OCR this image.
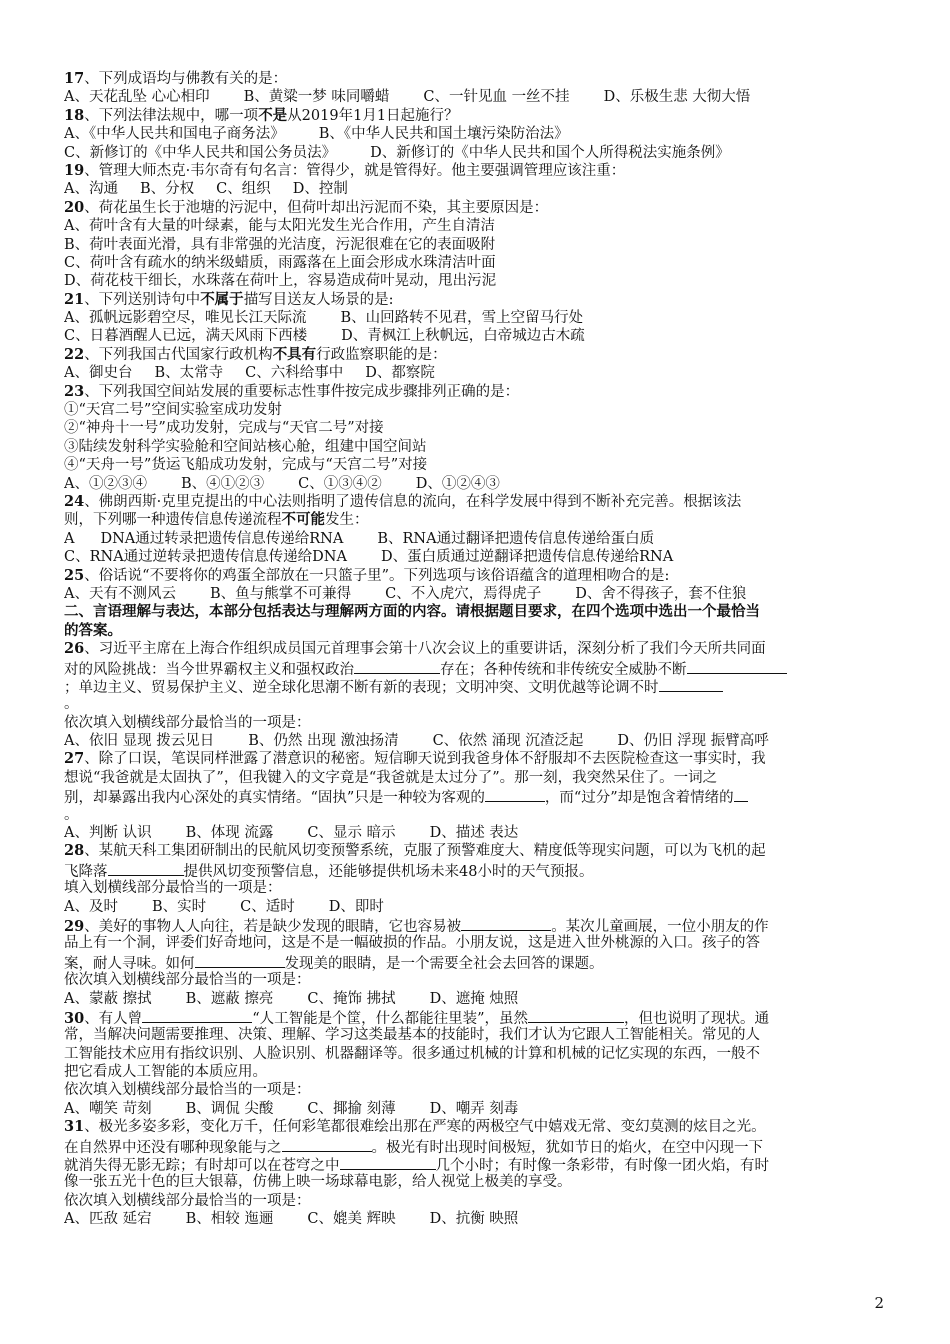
17、下列成语均与佛教有关的是：
A、天花乱坠 心心相印 B、黄粱一梦 味同嚼蜡 C、一针见血 一丝不挂 D、乐极生悲 大彻大悟
18、下列法律法规中，哪一项不是从2019年1月1日起施行？
A、《中华人民共和国电子商务法》 B、《中华人民共和国土壤污染防治法》
C、新修订的《中华人民共和国公务员法》 D、新修订的《中华人民共和国个人所得税法实施条例》
19、管理大师杰克·韦尔奇有句名言：管得少，就是管得好。他主要强调管理应该注重：
A、沟通 B、分权 C、组织 D、控制
20、荷花虽生长于池塘的污泥中，但荷叶却出污泥而不染，其主要原因是：
A、荷叶含有大量的叶绿素，能与太阳光发生光合作用，产生自清洁
B、荷叶表面光滑，具有非常强的光洁度，污泥很难在它的表面吸附
C、荷叶含有疏水的纳米级蜡质，雨露落在上面会形成水珠清洁叶面
D、荷花枝干细长，水珠落在荷叶上，容易造成荷叶晃动，甩出污泥
21、下列送别诗句中不属于描写目送友人场景的是:
A、孤帆远影碧空尽，唯见长江天际流 B、山回路转不见君，雪上空留马行处
C、日暮酒醒人已远，满天风雨下西楼 D、青枫江上秋帆远，白帝城边古木疏
22、下列我国古代国家行政机构不具有行政监察职能的是：
A、御史台 B、太常寺 C、六科给事中 D、都察院
23、下列我国空间站发展的重要标志性事件按完成步骤排列正确的是：
①“天宫二号”空间实验室成功发射
②“神舟十一号”成功发射，完成与“天官二号”对接
③陆续发射科学实验舱和空间站核心舱，组建中国空间站
④“天舟一号”货运飞船成功发射，完成与“天宫二号”对接
A、①②③④ B、④①②③ C、①③④② D、①②④③
24、佛朗西斯·克里克提出的中心法则指明了遗传信息的流向，在科学发展中得到不断补充完善。根据该法
则，下列哪一种遗传信息传递流程不可能发生：
A DNA通过转录把遗传信息传递给RNA B、RNA通过翻译把遗传信息传递给蛋白质
C、RNA通过逆转录把遗传信息传递给DNA D、蛋白质通过逆翻译把遗传信息传递给RNA
25、俗话说“不要将你的鸡蛋全部放在一只篮子里”。下列选项与该俗语蕴含的道理相吻合的是:
A、天有不测风云 B、鱼与熊掌不可兼得 C、不入虎穴，焉得虎子 D、舍不得孩子，套不住狼
二、言语理解与表达，本部分包括表达与理解两方面的内容。请根据题目要求，在四个选项中选出一个最恰当
的答案。
26、习近平主席在上海合作组织成员国元首理事会第十八次会议上的重要讲话，深刻分析了我们今天所共同面
对的风险挑战：当今世界霸权主义和强权政治	存在；各种传统和非传统安全威胁不断
；单边主义、贸易保护主义、逆全球化思潮不断有新的表现；文明冲突、文明优越等论调不时
。
依次填入划横线部分最恰当的一项是：
A、依旧 显现 拨云见日 B、仍然 出现 激浊扬清 C、依然 涌现 沉渣泛起 D、仍旧 浮现 振臂高呼
27、除了口误，笔误同样泄露了潜意识的秘密。短信聊天说到我爸身体不舒服却不去医院检查这一事实时，我
想说“我爸就是太固执了”，但我键入的文字竟是“我爸就是太过分了”。那一刻，我突然呆住了。一词之
别，却暴露出我内心深处的真实情绪。“固执”只是一种较为客观的	，而“过分”却是饱含着情绪的
。
A、判断 认识 B、体现 流露 C、显示 暗示 D、描述 表达
28、某航天科工集团研制出的民航风切变预警系统，克服了预警难度大、精度低等现实问题，可以为飞机的起
飞降落	提供风切变预警信息，还能够提供机场未来48小时的天气预报。
填入划横线部分最恰当的一项是：
A、及时 B、实时 C、适时 D、即时
29、美好的事物人人向往，若是缺少发现的眼睛，它也容易被	。某次儿童画展，一位小朋友的作
品上有一个洞，评委们好奇地问，这是不是一幅破损的作品。小朋友说，这是进入世外桃源的入口。孩子的答
案，耐人寻味。如何	发现美的眼睛，是一个需要全社会去回答的课题。
依次填入划横线部分最恰当的一项是：
A、蒙蔽 擦拭 B、遮蔽 擦亮 C、掩饰 拂拭 D、遮掩 烛照
30、有人曾	“人工智能是个筐，什么都能往里装”，虽然	，但也说明了现状。通
常，当解决问题需要推理、决策、理解、学习这类最基本的技能时，我们才认为它跟人工智能相关。常见的人
工智能技术应用有指纹识别、人脸识别、机器翻译等。很多通过机械的计算和机械的记忆实现的东西，一般不
把它看成人工智能的本质应用。
依次填入划横线部分最恰当的一项是：
A、嘲笑 苛刻 B、调侃 尖酸 C、揶揄 刻薄 D、嘲弄 刻毒
31、极光多姿多彩，变化万千，任何彩笔都很难绘出那在严寒的两极空气中嬉戏无常、变幻莫测的炫目之光。
在自然界中还没有哪种现象能与之	。极光有时出现时间极短，犹如节日的焰火，在空中闪现一下
就消失得无影无踪；有时却可以在苍穹之中	几个小时；有时像一条彩带，有时像一团火焰，有时
像一张五光十色的巨大银幕，仿佛上映一场球幕电影，给人视觉上极美的享受。
依次填入划横线部分最恰当的一项是：
A、匹敌 延宕 B、相较 迤逦 C、媲美 辉映 D、抗衡 映照
2
